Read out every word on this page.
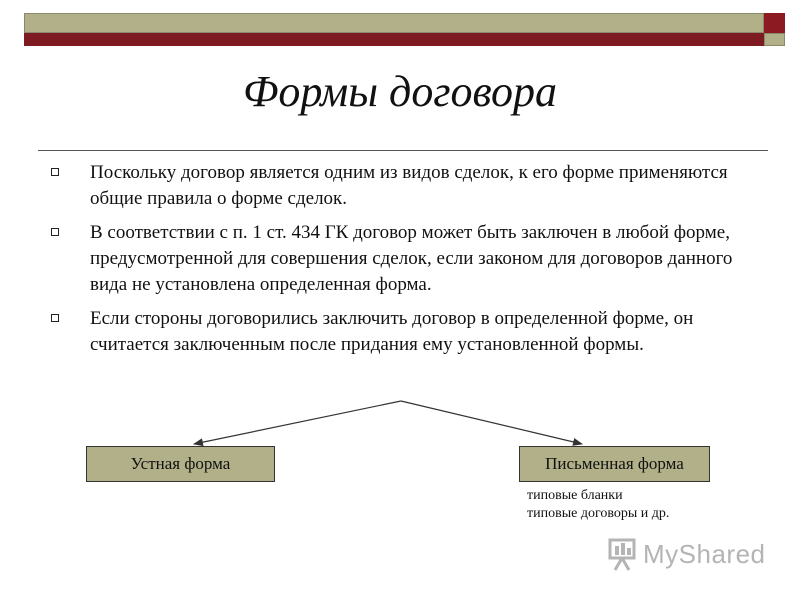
Формы договора
Поскольку договор является одним из видов сделок, к его форме применяются общие правила о форме сделок.
В соответствии с п. 1 ст. 434 ГК договор может быть заключен в любой форме, предусмотренной для совершения сделок, если законом для договоров данного вида не установлена определенная форма.
Если стороны договорились заключить договор в определенной форме, он считается заключенным после придания ему установленной формы.
Устная форма	Письменная форма
типовые бланки
типовые договоры и др.
MyShared
